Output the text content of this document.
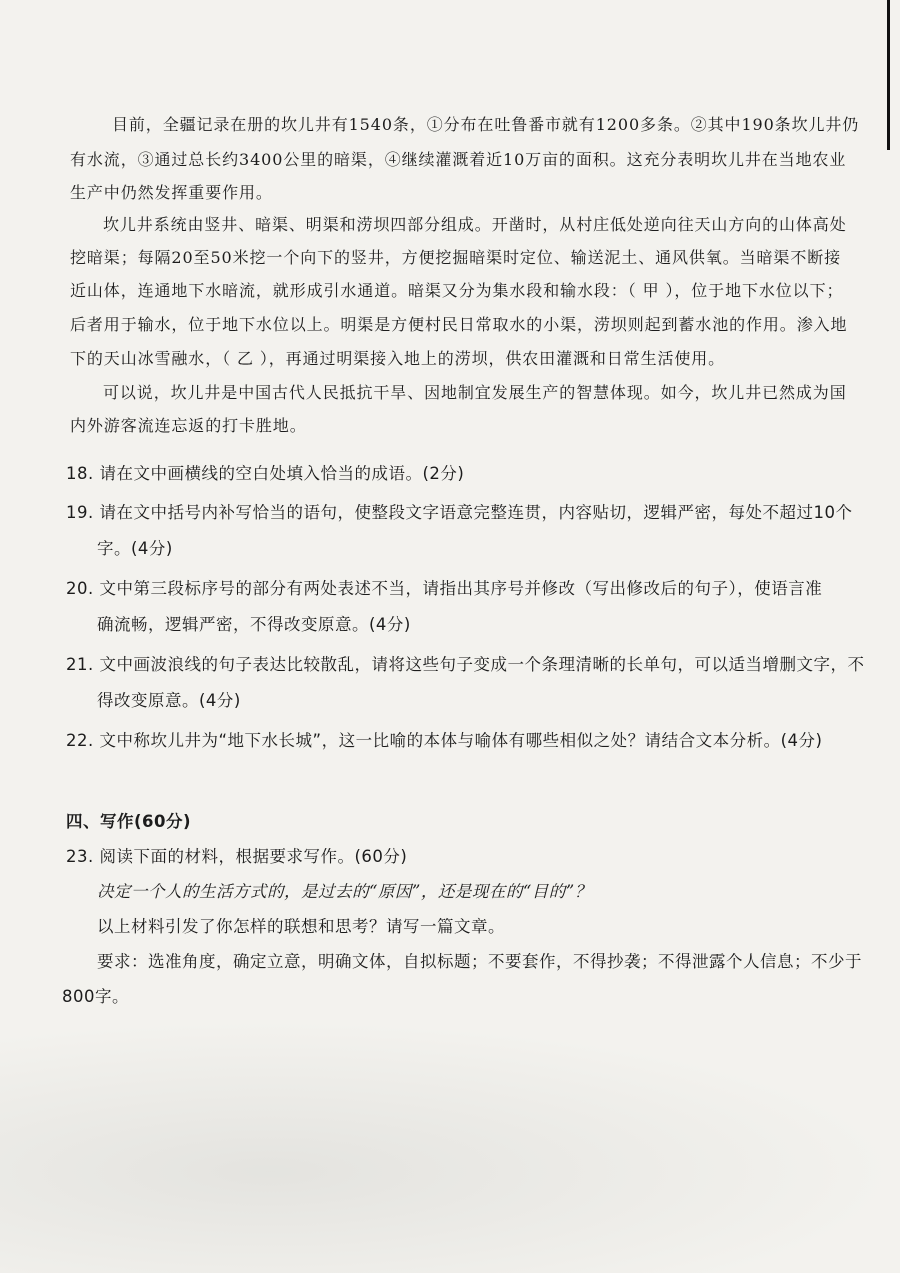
目前，全疆记录在册的坎儿井有1540条，①分布在吐鲁番市就有1200多条。②其中190条坎儿井仍
有水流，③通过总长约3400公里的暗渠，④继续灌溉着近10万亩的面积。这充分表明坎儿井在当地农业
生产中仍然发挥重要作用。
坎儿井系统由竖井、暗渠、明渠和涝坝四部分组成。开凿时，从村庄低处逆向往天山方向的山体高处
挖暗渠；每隔20至50米挖一个向下的竖井，方便挖掘暗渠时定位、输送泥土、通风供氧。当暗渠不断接
近山体，连通地下水暗流，就形成引水通道。暗渠又分为集水段和输水段：（ 甲 ），位于地下水位以下；
后者用于输水，位于地下水位以上。明渠是方便村民日常取水的小渠，涝坝则起到蓄水池的作用。渗入地
下的天山冰雪融水，（ 乙 ），再通过明渠接入地上的涝坝，供农田灌溉和日常生活使用。
可以说，坎儿井是中国古代人民抵抗干旱、因地制宜发展生产的智慧体现。如今，坎儿井已然成为国
内外游客流连忘返的打卡胜地。
18. 请在文中画横线的空白处填入恰当的成语。(2分)
19. 请在文中括号内补写恰当的语句，使整段文字语意完整连贯，内容贴切，逻辑严密，每处不超过10个
字。(4分)
20. 文中第三段标序号的部分有两处表述不当，请指出其序号并修改（写出修改后的句子），使语言准
确流畅，逻辑严密，不得改变原意。(4分)
21. 文中画波浪线的句子表达比较散乱，请将这些句子变成一个条理清晰的长单句，可以适当增删文字，不
得改变原意。(4分)
22. 文中称坎儿井为“地下水长城”，这一比喻的本体与喻体有哪些相似之处？请结合文本分析。(4分)
四、写作(60分)
23. 阅读下面的材料，根据要求写作。(60分)
决定一个人的生活方式的，是过去的“原因”，还是现在的“目的”？
以上材料引发了你怎样的联想和思考？请写一篇文章。
要求：选准角度，确定立意，明确文体，自拟标题；不要套作，不得抄袭；不得泄露个人信息；不少于
800字。
